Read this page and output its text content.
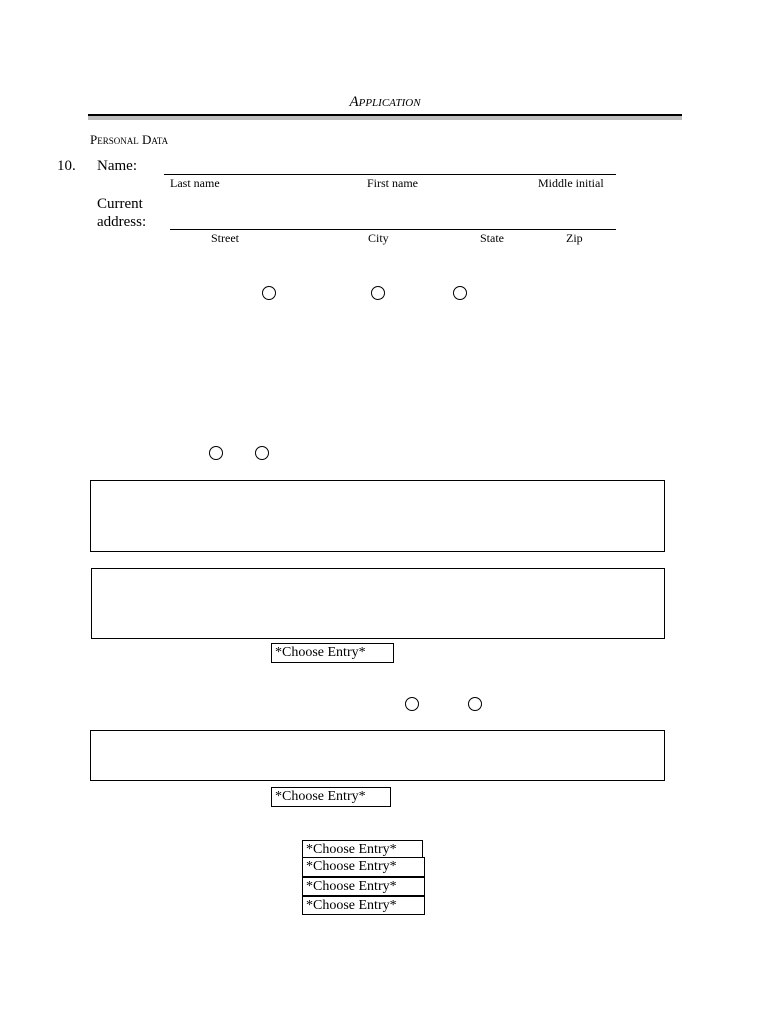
Application
Personal Data
10. Name:
Last name	First name	Middle initial
Current
address:
Street	City	State	Zip
*Choose Entry*
*Choose Entry*
*Choose Entry*
*Choose Entry*
*Choose Entry*
*Choose Entry*
